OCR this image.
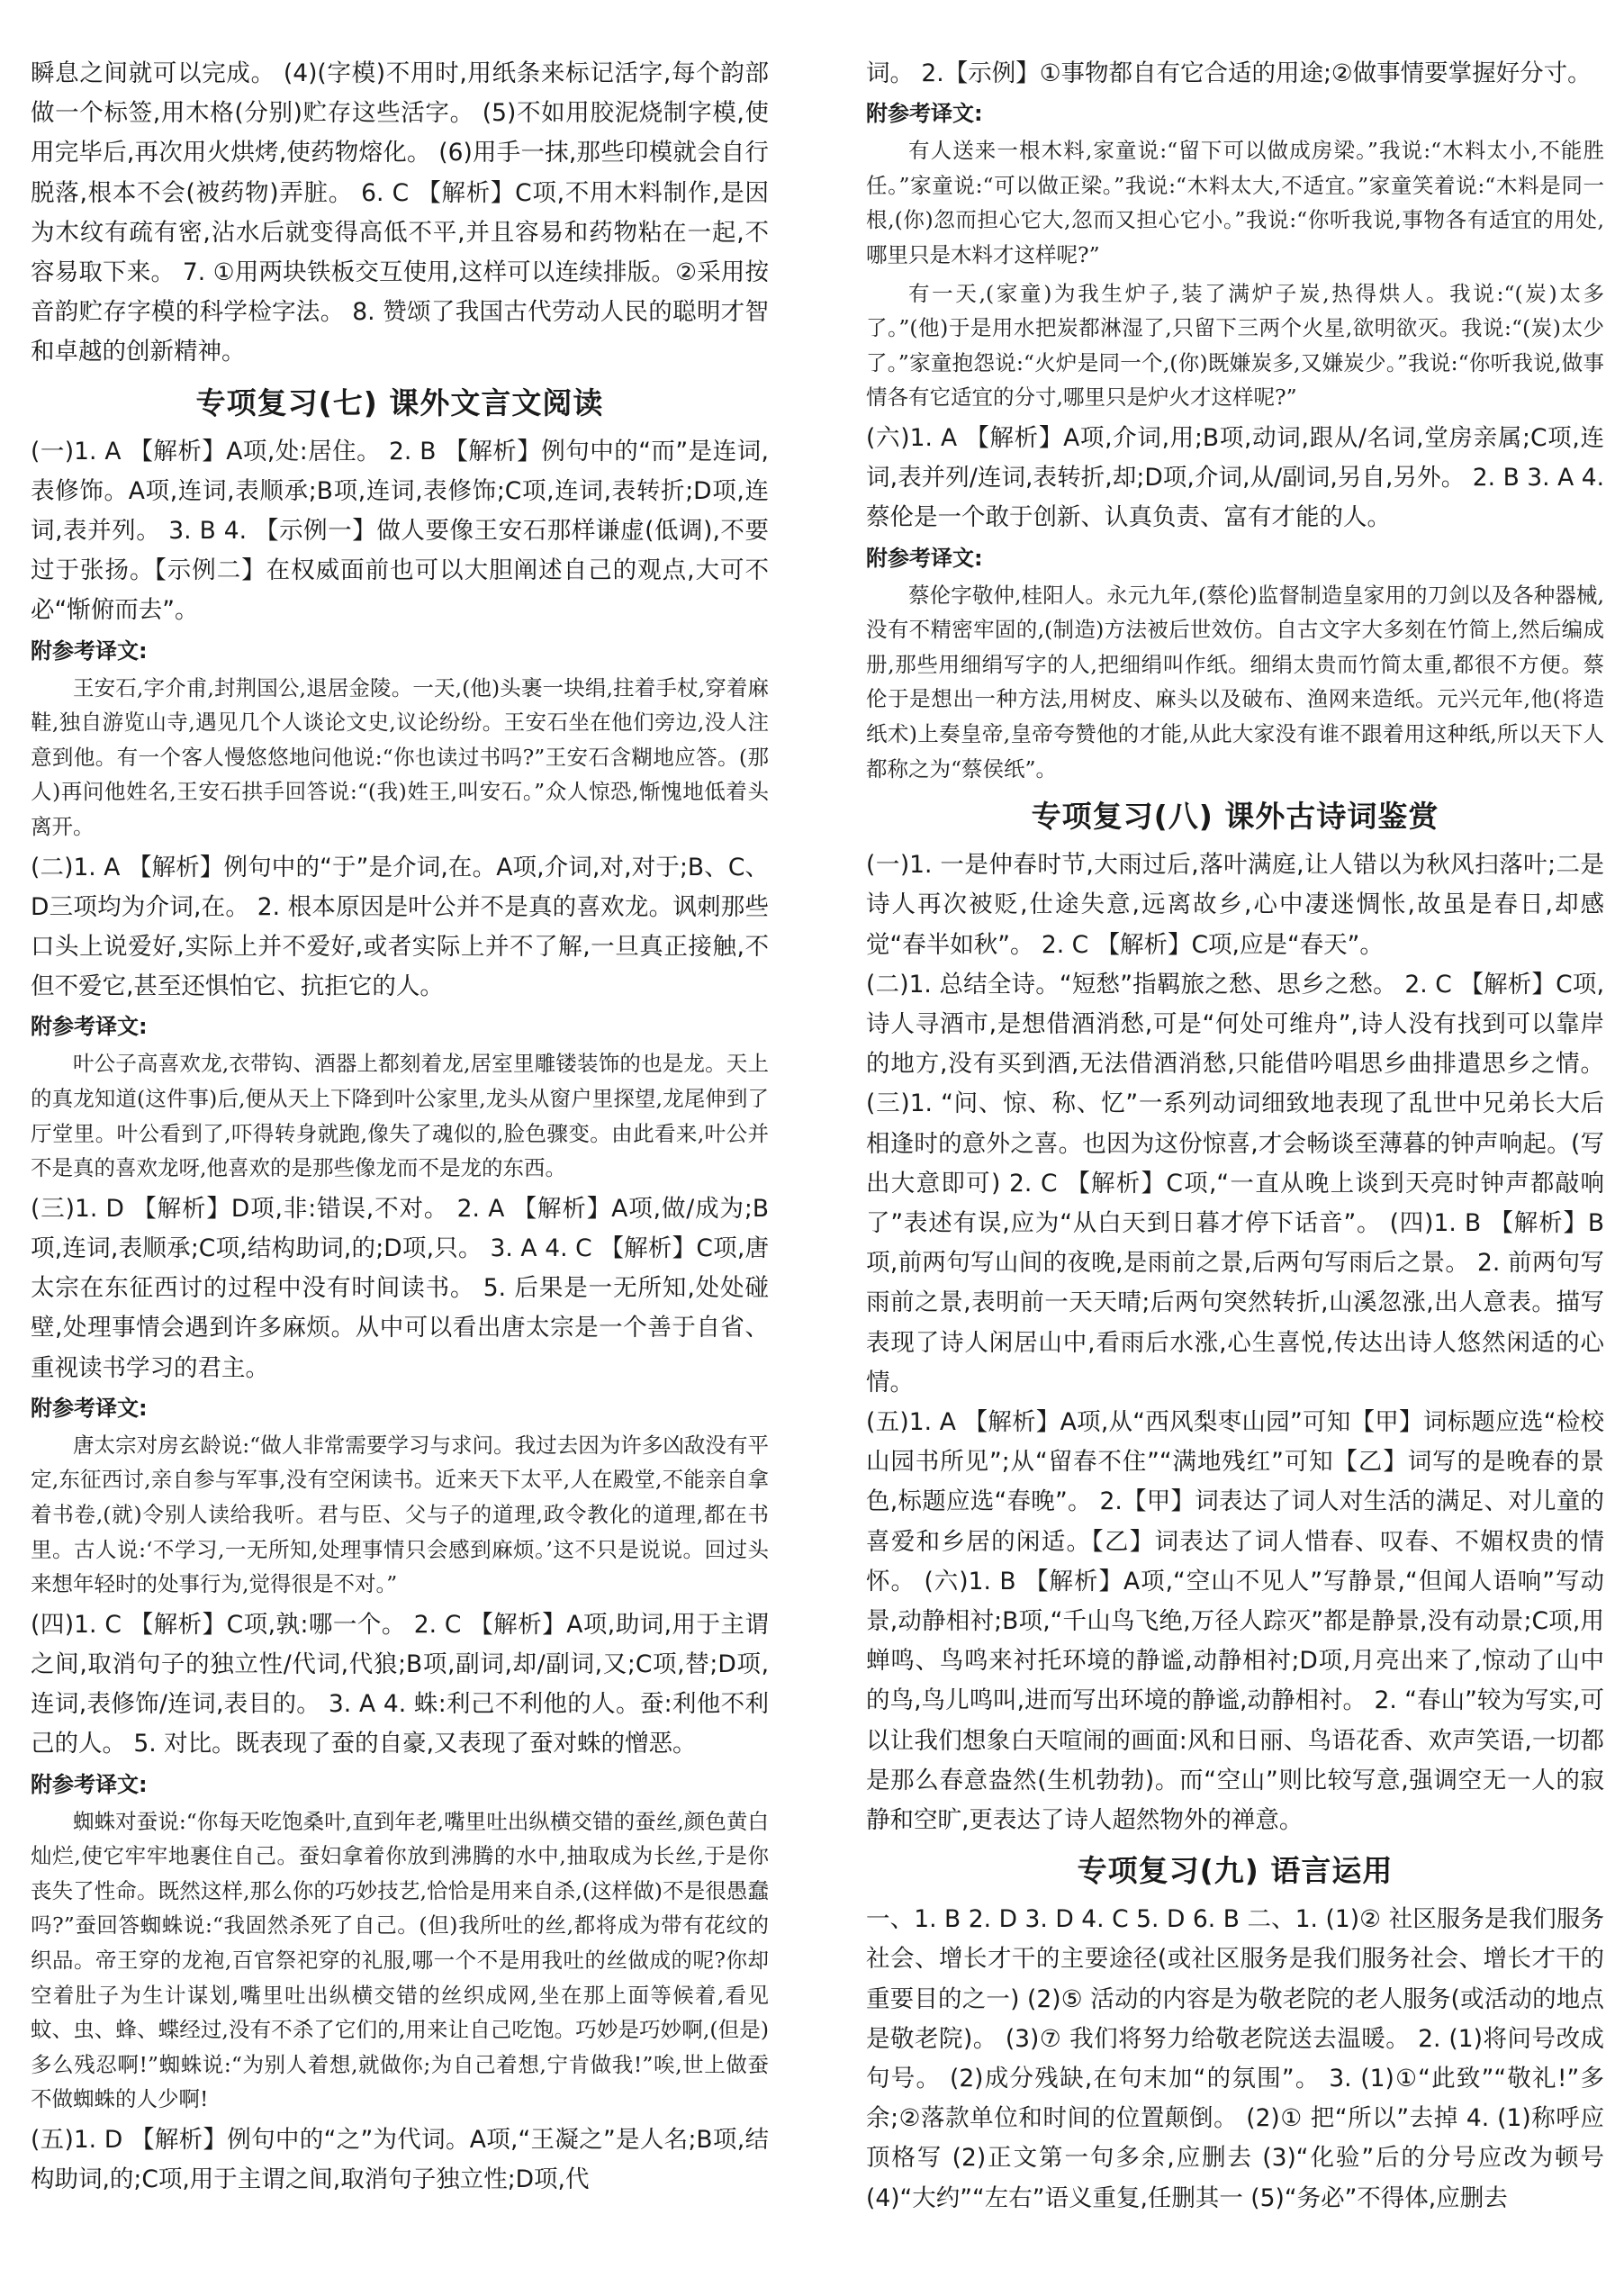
瞬息之间就可以完成。 (4)(字模)不用时,用纸条来标记活字,每个韵部做一个标签,用木格(分别)贮存这些活字。 (5)不如用胶泥烧制字模,使用完毕后,再次用火烘烤,使药物熔化。 (6)用手一抹,那些印模就会自行脱落,根本不会(被药物)弄脏。 6. C 【解析】C项,不用木料制作,是因为木纹有疏有密,沾水后就变得高低不平,并且容易和药物粘在一起,不容易取下来。 7. ①用两块铁板交互使用,这样可以连续排版。②采用按音韵贮存字模的科学检字法。 8. 赞颂了我国古代劳动人民的聪明才智和卓越的创新精神。

专项复习(七) 课外文言文阅读

(一)1. A 【解析】A项,处:居住。 2. B 【解析】例句中的“而”是连词,表修饰。A项,连词,表顺承;B项,连词,表修饰;C项,连词,表转折;D项,连词,表并列。 3. B 4. 【示例一】做人要像王安石那样谦虚(低调),不要过于张扬。【示例二】在权威面前也可以大胆阐述自己的观点,大可不必“惭俯而去”。

附参考译文:

王安石,字介甫,封荆国公,退居金陵。一天,(他)头裹一块绢,拄着手杖,穿着麻鞋,独自游览山寺,遇见几个人谈论文史,议论纷纷。王安石坐在他们旁边,没人注意到他。有一个客人慢悠悠地问他说:“你也读过书吗?”王安石含糊地应答。(那人)再问他姓名,王安石拱手回答说:“(我)姓王,叫安石。”众人惊恐,惭愧地低着头离开。

(二)1. A 【解析】例句中的“于”是介词,在。A项,介词,对,对于;B、C、D三项均为介词,在。 2. 根本原因是叶公并不是真的喜欢龙。讽刺那些口头上说爱好,实际上并不爱好,或者实际上并不了解,一旦真正接触,不但不爱它,甚至还惧怕它、抗拒它的人。

附参考译文:

叶公子高喜欢龙,衣带钩、酒器上都刻着龙,居室里雕镂装饰的也是龙。天上的真龙知道(这件事)后,便从天上下降到叶公家里,龙头从窗户里探望,龙尾伸到了厅堂里。叶公看到了,吓得转身就跑,像失了魂似的,脸色骤变。由此看来,叶公并不是真的喜欢龙呀,他喜欢的是那些像龙而不是龙的东西。

(三)1. D 【解析】D项,非:错误,不对。 2. A 【解析】A项,做/成为;B项,连词,表顺承;C项,结构助词,的;D项,只。 3. A 4. C 【解析】C项,唐太宗在东征西讨的过程中没有时间读书。 5. 后果是一无所知,处处碰壁,处理事情会遇到许多麻烦。从中可以看出唐太宗是一个善于自省、重视读书学习的君主。

附参考译文:

唐太宗对房玄龄说:“做人非常需要学习与求问。我过去因为许多凶敌没有平定,东征西讨,亲自参与军事,没有空闲读书。近来天下太平,人在殿堂,不能亲自拿着书卷,(就)令别人读给我听。君与臣、父与子的道理,政令教化的道理,都在书里。古人说:‘不学习,一无所知,处理事情只会感到麻烦。’这不只是说说。回过头来想年轻时的处事行为,觉得很是不对。”

(四)1. C 【解析】C项,孰:哪一个。 2. C 【解析】A项,助词,用于主谓之间,取消句子的独立性/代词,代狼;B项,副词,却/副词,又;C项,替;D项,连词,表修饰/连词,表目的。 3. A 4. 蛛:利己不利他的人。蚕:利他不利己的人。 5. 对比。既表现了蚕的自豪,又表现了蚕对蛛的憎恶。

附参考译文:

蜘蛛对蚕说:“你每天吃饱桑叶,直到年老,嘴里吐出纵横交错的蚕丝,颜色黄白灿烂,使它牢牢地裹住自己。蚕妇拿着你放到沸腾的水中,抽取成为长丝,于是你丧失了性命。既然这样,那么你的巧妙技艺,恰恰是用来自杀,(这样做)不是很愚蠢吗?”蚕回答蜘蛛说:“我固然杀死了自己。(但)我所吐的丝,都将成为带有花纹的织品。帝王穿的龙袍,百官祭祀穿的礼服,哪一个不是用我吐的丝做成的呢?你却空着肚子为生计谋划,嘴里吐出纵横交错的丝织成网,坐在那上面等候着,看见蚊、虫、蜂、蝶经过,没有不杀了它们的,用来让自己吃饱。巧妙是巧妙啊,(但是)多么残忍啊!”蜘蛛说:“为别人着想,就做你;为自己着想,宁肯做我!”唉,世上做蚕不做蜘蛛的人少啊!

(五)1. D 【解析】例句中的“之”为代词。A项,“王凝之”是人名;B项,结构助词,的;C项,用于主谓之间,取消句子独立性;D项,代

词。 2.【示例】①事物都自有它合适的用途;②做事情要掌握好分寸。

附参考译文:

有人送来一根木料,家童说:“留下可以做成房梁。”我说:“木料太小,不能胜任。”家童说:“可以做正梁。”我说:“木料太大,不适宜。”家童笑着说:“木料是同一根,(你)忽而担心它大,忽而又担心它小。”我说:“你听我说,事物各有适宜的用处,哪里只是木料才这样呢?”

有一天,(家童)为我生炉子,装了满炉子炭,热得烘人。我说:“(炭)太多了。”(他)于是用水把炭都淋湿了,只留下三两个火星,欲明欲灭。我说:“(炭)太少了。”家童抱怨说:“火炉是同一个,(你)既嫌炭多,又嫌炭少。”我说:“你听我说,做事情各有它适宜的分寸,哪里只是炉火才这样呢?”

(六)1. A 【解析】A项,介词,用;B项,动词,跟从/名词,堂房亲属;C项,连词,表并列/连词,表转折,却;D项,介词,从/副词,另自,另外。 2. B 3. A 4. 蔡伦是一个敢于创新、认真负责、富有才能的人。

附参考译文:

蔡伦字敬仲,桂阳人。永元九年,(蔡伦)监督制造皇家用的刀剑以及各种器械,没有不精密牢固的,(制造)方法被后世效仿。自古文字大多刻在竹简上,然后编成册,那些用细绢写字的人,把细绢叫作纸。细绢太贵而竹简太重,都很不方便。蔡伦于是想出一种方法,用树皮、麻头以及破布、渔网来造纸。元兴元年,他(将造纸术)上奏皇帝,皇帝夸赞他的才能,从此大家没有谁不跟着用这种纸,所以天下人都称之为“蔡侯纸”。

专项复习(八) 课外古诗词鉴赏

(一)1. 一是仲春时节,大雨过后,落叶满庭,让人错以为秋风扫落叶;二是诗人再次被贬,仕途失意,远离故乡,心中凄迷惆怅,故虽是春日,却感觉“春半如秋”。 2. C 【解析】C项,应是“春天”。

(二)1. 总结全诗。“短愁”指羁旅之愁、思乡之愁。 2. C 【解析】C项,诗人寻酒市,是想借酒消愁,可是“何处可维舟”,诗人没有找到可以靠岸的地方,没有买到酒,无法借酒消愁,只能借吟唱思乡曲排遣思乡之情。 (三)1. “问、惊、称、忆”一系列动词细致地表现了乱世中兄弟长大后相逢时的意外之喜。也因为这份惊喜,才会畅谈至薄暮的钟声响起。(写出大意即可) 2. C 【解析】C项,“一直从晚上谈到天亮时钟声都敲响了”表述有误,应为“从白天到日暮才停下话音”。 (四)1. B 【解析】B项,前两句写山间的夜晚,是雨前之景,后两句写雨后之景。 2. 前两句写雨前之景,表明前一天天晴;后两句突然转折,山溪忽涨,出人意表。描写表现了诗人闲居山中,看雨后水涨,心生喜悦,传达出诗人悠然闲适的心情。

(五)1. A 【解析】A项,从“西风梨枣山园”可知【甲】词标题应选“检校山园书所见”;从“留春不住”“满地残红”可知【乙】词写的是晚春的景色,标题应选“春晚”。 2.【甲】词表达了词人对生活的满足、对儿童的喜爱和乡居的闲适。【乙】词表达了词人惜春、叹春、不媚权贵的情怀。 (六)1. B 【解析】A项,“空山不见人”写静景,“但闻人语响”写动景,动静相衬;B项,“千山鸟飞绝,万径人踪灭”都是静景,没有动景;C项,用蝉鸣、鸟鸣来衬托环境的静谧,动静相衬;D项,月亮出来了,惊动了山中的鸟,鸟儿鸣叫,进而写出环境的静谧,动静相衬。 2. “春山”较为写实,可以让我们想象白天喧闹的画面:风和日丽、鸟语花香、欢声笑语,一切都是那么春意盎然(生机勃勃)。而“空山”则比较写意,强调空无一人的寂静和空旷,更表达了诗人超然物外的禅意。

专项复习(九) 语言运用

一、1. B 2. D 3. D 4. C 5. D 6. B 二、1. (1)② 社区服务是我们服务社会、增长才干的主要途径(或社区服务是我们服务社会、增长才干的重要目的之一) (2)⑤ 活动的内容是为敬老院的老人服务(或活动的地点是敬老院)。 (3)⑦ 我们将努力给敬老院送去温暖。 2. (1)将问号改成句号。 (2)成分残缺,在句末加“的氛围”。 3. (1)①“此致”“敬礼!”多余;②落款单位和时间的位置颠倒。 (2)① 把“所以”去掉 4. (1)称呼应顶格写 (2)正文第一句多余,应删去 (3)“化验”后的分号应改为顿号 (4)“大约”“左右”语义重复,任删其一 (5)“务必”不得体,应删去
